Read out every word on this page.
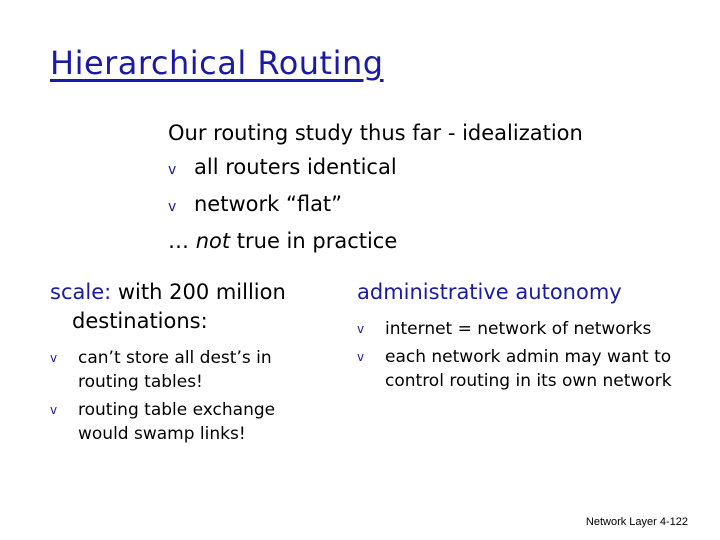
Hierarchical Routing
Our routing study thus far - idealization
v all routers identical
v network “flat”
… not true in practice
scale: with 200 million
destinations:
v	can’t store all dest’s in routing tables!
v	routing table exchange would swamp links!
administrative autonomy
v	internet = network of networks
v	each network admin may want to control routing in its own network
Network Layer 4-122
